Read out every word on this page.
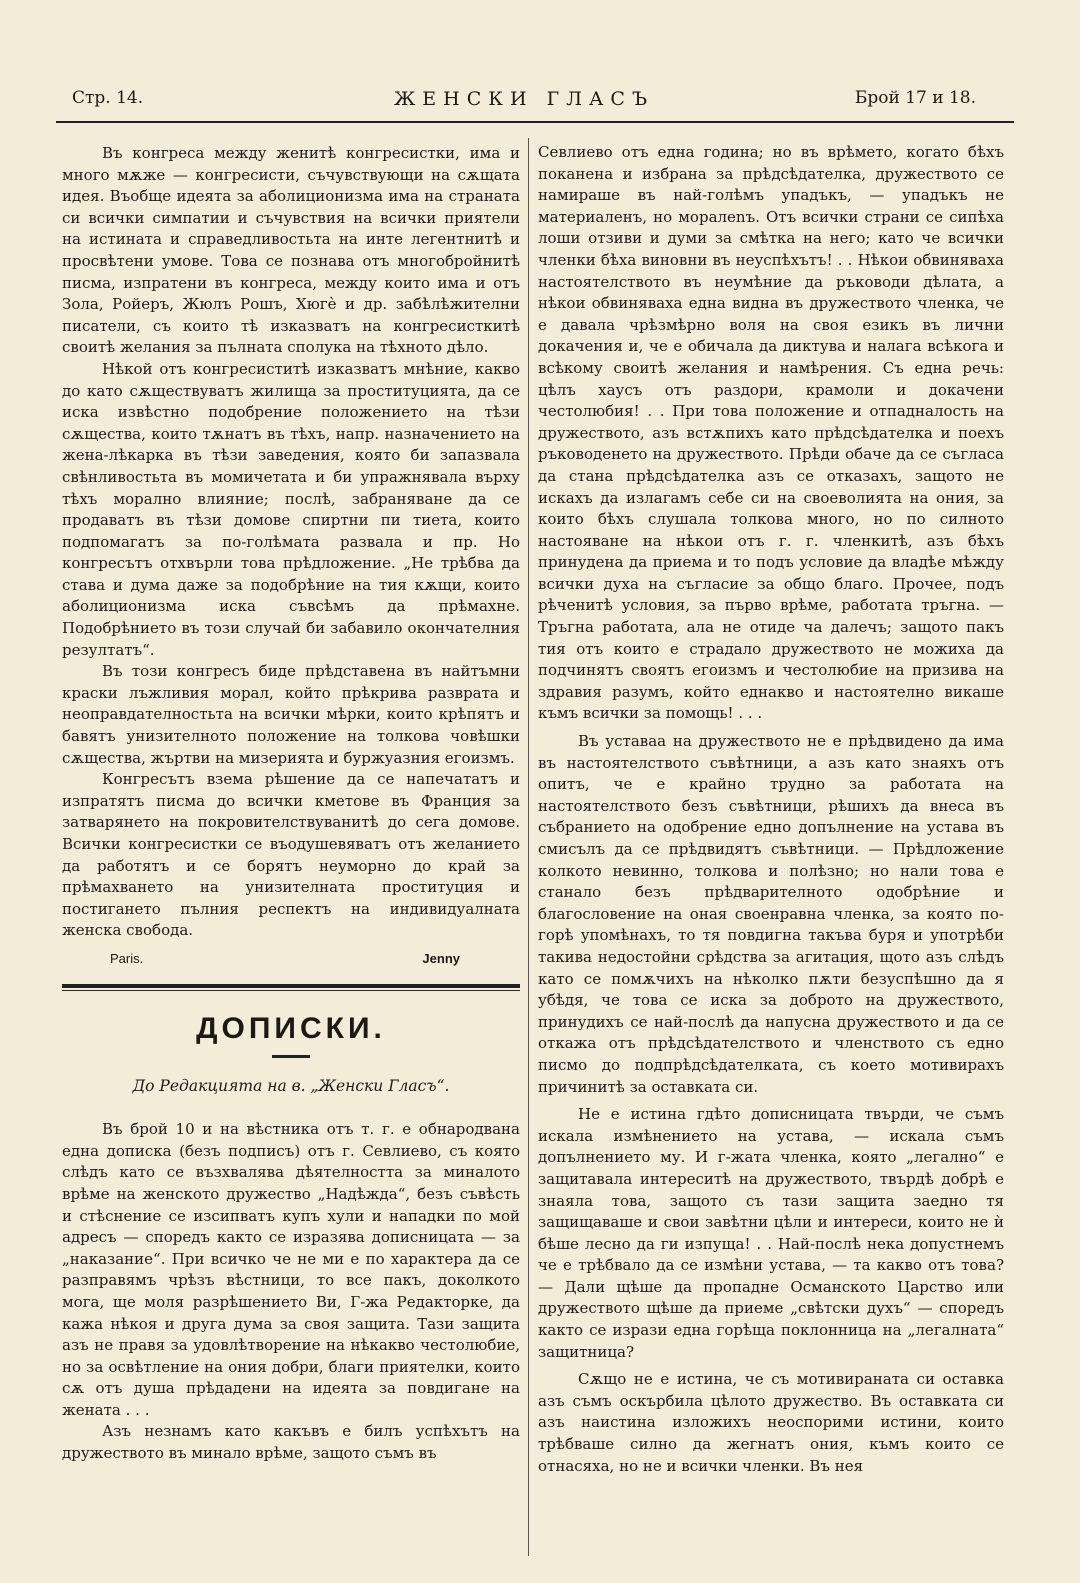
Стр. 14.	ЖЕНСКИ ГЛАСЪ	Брой 17 и 18.

Въ конгреса между женитѣ конгресистки, има и много мѫже — конгресисти, съчувствующи на сѫщата идея. Въобще идеята за аболиционизма има на страната си всички симпатии и съчувствия на всички приятели на истината и справедливостьта на инте легентнитѣ и просвѣтени умове. Това се познава отъ многобройнитѣ писма, изпратени въ конгреса, между които има и отъ Зола, Ройеръ, Жюлъ Рошъ, Хюгѐ и др. забѣлѣжителни писатели, съ които тѣ изказватъ на конгресисткитѣ своитѣ желания за пълната сполука на тѣхното дѣло.

Нѣкой отъ конгресиститѣ изказватъ мнѣние, какво до като сѫществуватъ жилища за проституцията, да се иска извѣстно подобрение положението на тѣзи сѫщества, които тѫнатъ въ тѣхъ, напр. назначението на жена-лѣкарка въ тѣзи заведения, която би запазвала свѣнливостьта въ момичетата и би упражнявала върху тѣхъ морално влияние; послѣ, забраняване да се продаватъ въ тѣзи домове спиртни пи тиета, които подпомагатъ за по-голѣмата развала и пр. Но конгресътъ отхвърли това прѣдложение. „Не трѣбва да става и дума даже за подобрѣние на тия кѫщи, които аболиционизма иска съвсѣмъ да прѣмахне. Подобрѣнието въ този случай би забавило окончателния резултатъ“.

Въ този конгресъ биде прѣдставена въ найтъмни краски лъжливия морал, който прѣкрива разврата и неоправдателностьта на всички мѣрки, които крѣпятъ и бавятъ унизителното положение на толкова човѣшки сѫщества, жъртви на мизерията и буржуазния егоизмъ.

Конгресътъ взема рѣшение да се напечататъ и изпратятъ писма до всички кметове въ Франция за затварянето на покровителствуванитѣ до сега домове. Всички конгресистки се въодушевяватъ отъ желанието да работятъ и се борятъ неуморно до край за прѣмахването на унизителната проституция и постигането пълния респектъ на индивидуалната женска свобода.

Paris.	Jenny
ДОПИСКИ.
До Редакцията на в. „Женски Гласъ“.

Въ брой 10 и на вѣстника отъ т. г. е обнародвана една дописка (безъ подписъ) отъ г. Севлиево, съ която слѣдъ като се възхвалява дѣятелността за миналото врѣме на женското дружество „Надѣжда“, безъ съвѣсть и стѣснение се изсипватъ купъ хули и нападки по мой адресъ — споредъ както се изразява дописницата — за „наказание“. При всичко че не ми е по характера да се разправямъ чрѣзъ вѣстници, то все пакъ, доколкото мога, ще моля разрѣшението Ви, Г-жа Редакторке, да кажа нѣкоя и друга дума за своя защита. Тази защита азъ не правя за удовлѣтворение на нѣкакво честолюбие, но за освѣтление на ония добри, благи приятелки, които сѫ отъ душа прѣдадени на идеята за повдигане на жената . . .

Азъ незнамъ като какъвъ е билъ успѣхътъ на дружеството въ минало врѣме, защото съмъ въ

Севлиево отъ една година; но въ врѣмето, когато бѣхъ поканена и избрана за прѣдсѣдателка, дружеството се намираше въ най-голѣмъ упадъкъ, — упадъкъ не материаленъ, но моралenъ. Отъ всички страни се сипѣха лоши отзиви и думи за смѣтка на него; като че всички членки бѣха виновни въ неуспѣхътъ! . . Нѣкои обвиняваха настоятелството въ неумѣние да ръководи дѣлата, а нѣкои обвиняваха една видна въ дружеството членка, че е давала чрѣзмѣрно воля на своя езикъ въ лични докачения и, че е обичала да диктува и налага всѣкога и всѣкому своитѣ желания и намѣрения. Съ една речь: цѣлъ хаусъ отъ раздори, крамоли и докачени честолюбия! . . При това положение и отпадналость на дружеството, азъ встѫпихъ като прѣдсѣдателка и поехъ ръководенето на дружеството. Прѣди обаче да се съгласа да стана прѣдсѣдателка азъ се отказахъ, защото не искахъ да излагамъ себе си на своеволията на ония, за които бѣхъ слушала толкова много, но по силното настояване на нѣкои отъ г. г. членкитѣ, азъ бѣхъ принудена да приема и то подъ условие да владѣе мѣжду всички духа на съгласие за общо благо. Прочее, подъ рѣченитѣ условия, за първо врѣме, работата тръгна. — Тръгна работата, ала не отиде ча далечъ; защото пакъ тия отъ които е страдало дружеството не можиха да подчинятъ своятъ егоизмъ и честолюбие на призива на здравия разумъ, който еднакво и настоятелно викаше къмъ всички за помощь! . . .

Въ уставаa на дружеството не е прѣдвидено да има въ настоятелството съвѣтници, а азъ като знаяхъ отъ опитъ, че е крайно трудно за работата на настоятелството безъ съвѣтници, рѣшихъ да внеса въ събранието на одобрение едно допълнение на устава въ смисълъ да се прѣдвидятъ съвѣтници. — Прѣдложение колкото невинно, толкова и полѣзно; но нали това е станало безъ прѣдварителното одобрѣние и благословение на оная своенравна членка, за която по-горѣ упомѣнахъ, то тя повдигна такъва буря и употрѣби такива недостойни срѣдства за агитация, щото азъ слѣдъ като се помѫчихъ на нѣколко пѫти безуспѣшно да я убѣдя, че това се иска за доброто на дружеството, принудихъ се най-послѣ да напусна дружеството и да се откажа отъ прѣдсѣдателството и членството съ едно писмо до подпрѣдсѣдателката, съ което мотивирахъ причинитѣ за оставката си.

Не е истина гдѣто дописницата твърди, че съмъ искала измѣнението на устава, — искала съмъ допълнението му. И г-жата членка, която „легално“ е защитавала интереситѣ на дружеството, твърдѣ добрѣ е знаяла това, защото съ тази защита заедно тя защищаваше и свои завѣтни цѣли и интереси, които не ѝ бѣше лесно да ги изпуща! . . Най-послѣ нека допустнемъ че е трѣбвало да се измѣни устава, — та какво отъ това? — Дали щѣше да пропадне Османското Царство или дружеството щѣше да приеме „свѣтски духъ“ — споредъ както се изрази една горѣща поклонница на „легалната“ защитница?

Сѫщо не е истина, че съ мотивираната си оставка азъ съмъ оскърбила цѣлото дружество. Въ оставката си азъ наистина изложихъ неоспорими истини, които трѣбваше силно да жегнатъ ония, къмъ които се отнасяха, но не и всички членки. Въ нея
